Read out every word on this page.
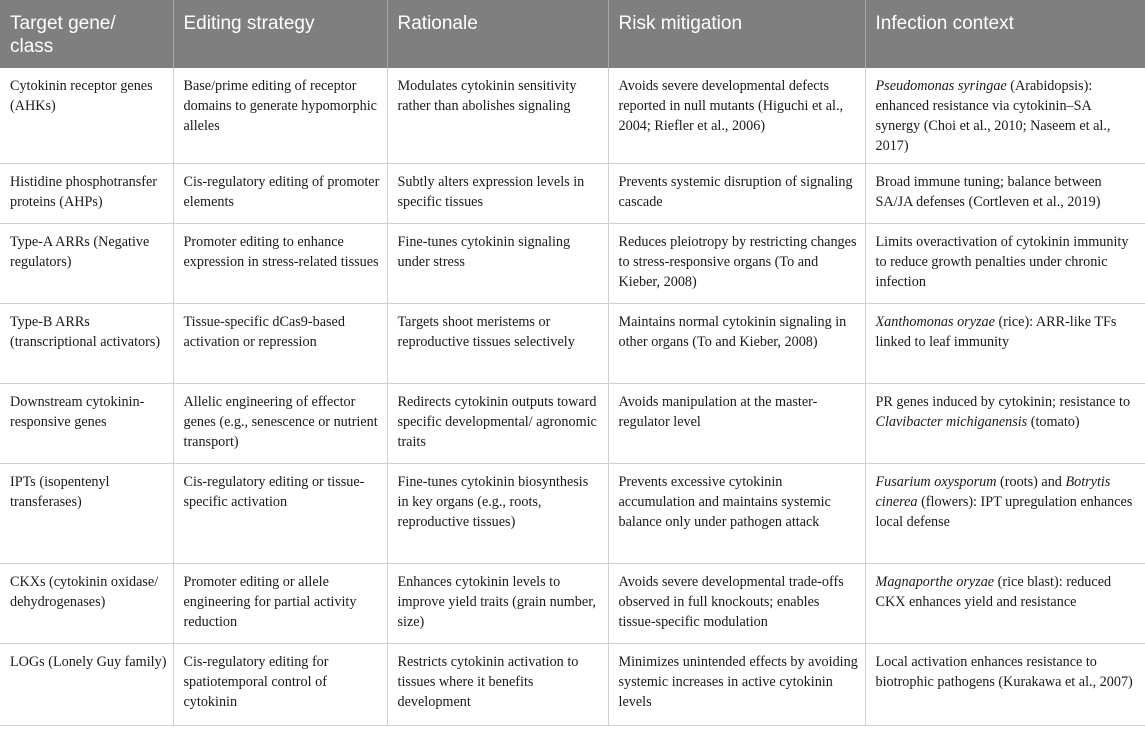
Target gene/ class	Editing strategy	Rationale	Risk mitigation	Infection context
Cytokinin receptor genes (AHKs)	Base/prime editing of receptor domains to generate hypomorphic alleles	Modulates cytokinin sensitivity rather than abolishes signaling	Avoids severe developmental defects reported in null mutants (Higuchi et al., 2004; Riefler et al., 2006)	Pseudomonas syringae (Arabidopsis): enhanced resistance via cytokinin–SA synergy (Choi et al., 2010; Naseem et al., 2017)
Histidine phosphotransfer proteins (AHPs)	Cis-regulatory editing of promoter elements	Subtly alters expression levels in specific tissues	Prevents systemic disruption of signaling cascade	Broad immune tuning; balance between SA/JA defenses (Cortleven et al., 2019)
Type-A ARRs (Negative regulators)	Promoter editing to enhance expression in stress-related tissues	Fine-tunes cytokinin signaling under stress	Reduces pleiotropy by restricting changes to stress-responsive organs (To and Kieber, 2008)	Limits overactivation of cytokinin immunity to reduce growth penalties under chronic infection
Type-B ARRs (transcriptional activators)	Tissue-specific dCas9-based activation or repression	Targets shoot meristems or reproductive tissues selectively	Maintains normal cytokinin signaling in other organs (To and Kieber, 2008)	Xanthomonas oryzae (rice): ARR-like TFs linked to leaf immunity
Downstream cytokinin-responsive genes	Allelic engineering of effector genes (e.g., senescence or nutrient transport)	Redirects cytokinin outputs toward specific developmental/ agronomic traits	Avoids manipulation at the master-regulator level	PR genes induced by cytokinin; resistance to Clavibacter michiganensis (tomato)
IPTs (isopentenyl transferases)	Cis-regulatory editing or tissue-specific activation	Fine-tunes cytokinin biosynthesis in key organs (e.g., roots, reproductive tissues)	Prevents excessive cytokinin accumulation and maintains systemic balance only under pathogen attack	Fusarium oxysporum (roots) and Botrytis cinerea (flowers): IPT upregulation enhances local defense
CKXs (cytokinin oxidase/ dehydrogenases)	Promoter editing or allele engineering for partial activity reduction	Enhances cytokinin levels to improve yield traits (grain number, size)	Avoids severe developmental trade-offs observed in full knockouts; enables tissue-specific modulation	Magnaporthe oryzae (rice blast): reduced CKX enhances yield and resistance
LOGs (Lonely Guy family)	Cis-regulatory editing for spatiotemporal control of cytokinin	Restricts cytokinin activation to tissues where it benefits development	Minimizes unintended effects by avoiding systemic increases in active cytokinin levels	Local activation enhances resistance to biotrophic pathogens (Kurakawa et al., 2007)
